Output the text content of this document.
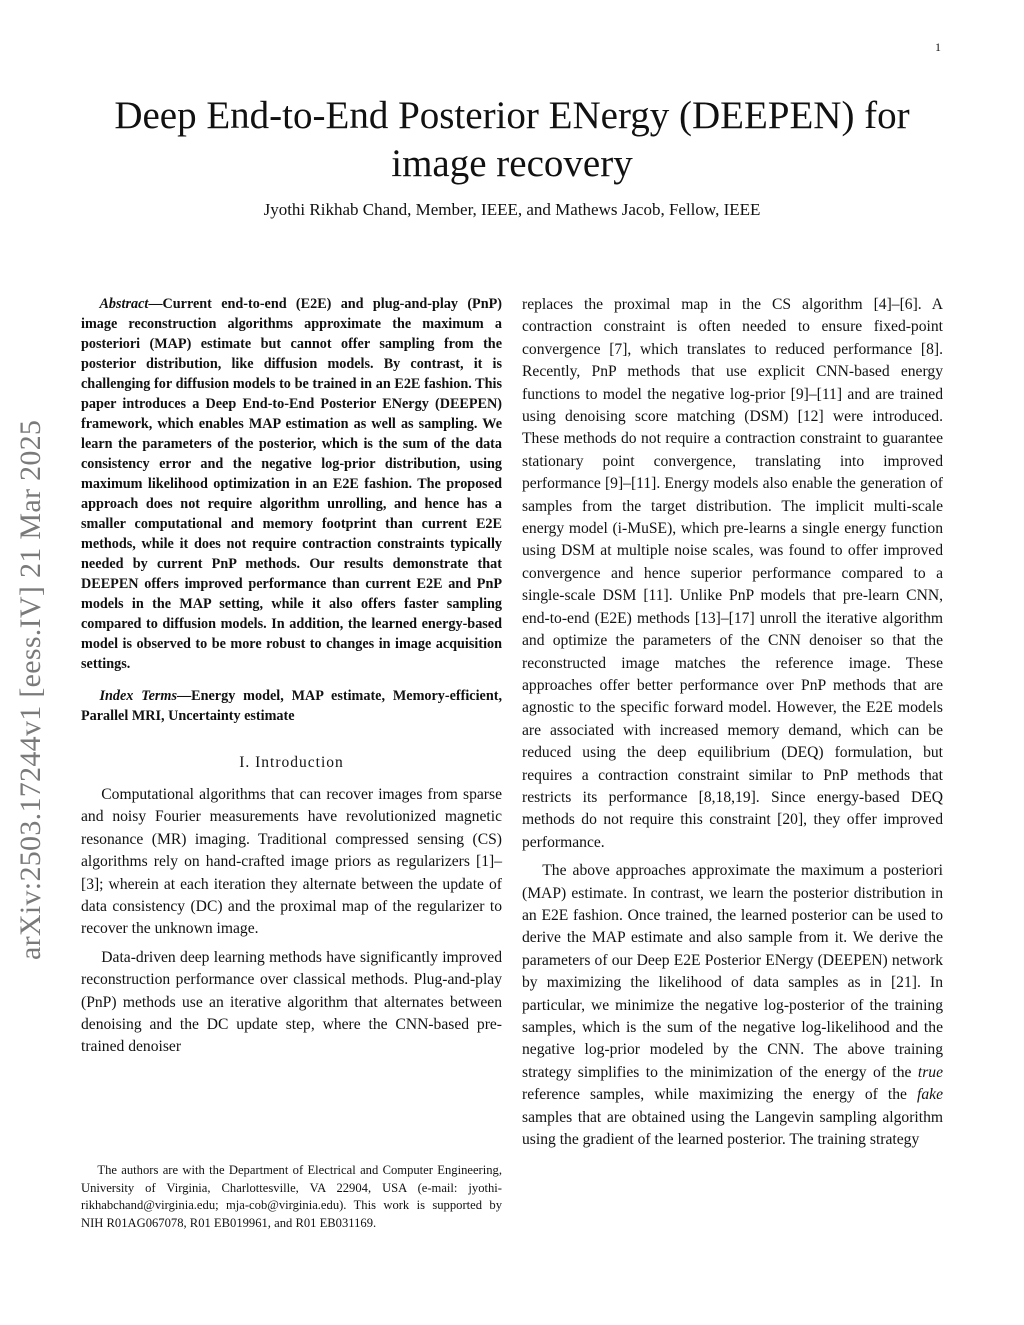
1
arXiv:2503.17244v1 [eess.IV] 21 Mar 2025
Deep End-to-End Posterior ENergy (DEEPEN) for image recovery
Jyothi Rikhab Chand, Member, IEEE, and Mathews Jacob, Fellow, IEEE

Abstract—Current end-to-end (E2E) and plug-and-play (PnP) image reconstruction algorithms approximate the maximum a posteriori (MAP) estimate but cannot offer sampling from the posterior distribution, like diffusion models. By contrast, it is challenging for diffusion models to be trained in an E2E fashion. This paper introduces a Deep End-to-End Posterior ENergy (DEEPEN) framework, which enables MAP estimation as well as sampling. We learn the parameters of the posterior, which is the sum of the data consistency error and the negative log-prior distribution, using maximum likelihood optimization in an E2E fashion. The proposed approach does not require algorithm unrolling, and hence has a smaller computational and memory footprint than current E2E methods, while it does not require contraction constraints typically needed by current PnP methods. Our results demonstrate that DEEPEN offers improved performance than current E2E and PnP models in the MAP setting, while it also offers faster sampling compared to diffusion models. In addition, the learned energy-based model is observed to be more robust to changes in image acquisition settings.

Index Terms—Energy model, MAP estimate, Memory-efficient, Parallel MRI, Uncertainty estimate

I. Introduction

Computational algorithms that can recover images from sparse and noisy Fourier measurements have revolutionized magnetic resonance (MR) imaging. Traditional compressed sensing (CS) algorithms rely on hand-crafted image priors as regularizers [1]–[3]; wherein at each iteration they alternate between the update of data consistency (DC) and the proximal map of the regularizer to recover the unknown image.

Data-driven deep learning methods have significantly improved reconstruction performance over classical methods. Plug-and-play (PnP) methods use an iterative algorithm that alternates between denoising and the DC update step, where the CNN-based pre-trained denoiser

The authors are with the Department of Electrical and Computer Engineering, University of Virginia, Charlottesville, VA 22904, USA (e-mail: jyothi-rikhabchand@virginia.edu; mja-cob@virginia.edu). This work is supported by NIH R01AG067078, R01 EB019961, and R01 EB031169.

replaces the proximal map in the CS algorithm [4]–[6]. A contraction constraint is often needed to ensure fixed-point convergence [7], which translates to reduced performance [8]. Recently, PnP methods that use explicit CNN-based energy functions to model the negative log-prior [9]–[11] and are trained using denoising score matching (DSM) [12] were introduced. These methods do not require a contraction constraint to guarantee stationary point convergence, translating into improved performance [9]–[11]. Energy models also enable the generation of samples from the target distribution. The implicit multi-scale energy model (i-MuSE), which pre-learns a single energy function using DSM at multiple noise scales, was found to offer improved convergence and hence superior performance compared to a single-scale DSM [11]. Unlike PnP models that pre-learn CNN, end-to-end (E2E) methods [13]–[17] unroll the iterative algorithm and optimize the parameters of the CNN denoiser so that the reconstructed image matches the reference image. These approaches offer better performance over PnP methods that are agnostic to the specific forward model. However, the E2E models are associated with increased memory demand, which can be reduced using the deep equilibrium (DEQ) formulation, but requires a contraction constraint similar to PnP methods that restricts its performance [8,18,19]. Since energy-based DEQ methods do not require this constraint [20], they offer improved performance.

The above approaches approximate the maximum a posteriori (MAP) estimate. In contrast, we learn the posterior distribution in an E2E fashion. Once trained, the learned posterior can be used to derive the MAP estimate and also sample from it. We derive the parameters of our Deep E2E Posterior ENergy (DEEPEN) network by maximizing the likelihood of data samples as in [21]. In particular, we minimize the negative log-posterior of the training samples, which is the sum of the negative log-likelihood and the negative log-prior modeled by the CNN. The above training strategy simplifies to the minimization of the energy of the true reference samples, while maximizing the energy of the fake samples that are obtained using the Langevin sampling algorithm using the gradient of the learned posterior. The training strategy
